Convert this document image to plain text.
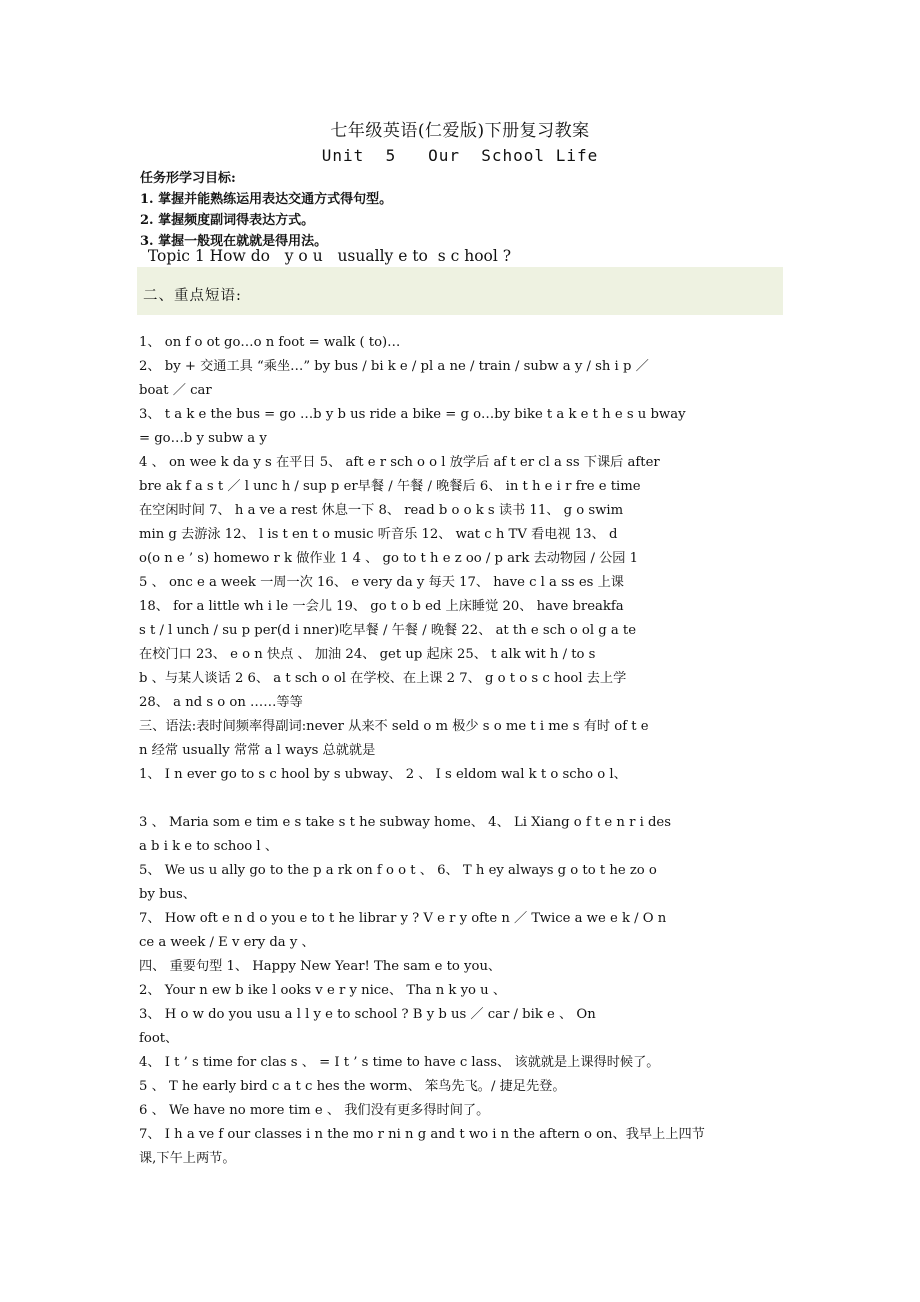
七年级英语(仁爱版)下册复习教案
Unit  5   Our  School Life
任务形学习目标:
1. 掌握并能熟练运用表达交通方式得句型。
2. 掌握频度副词得表达方式。
3. 掌握一般现在就就是得用法。
Topic 1 How do   y o u   usually e to  s c hool ?
二、重点短语:

1、 on f o ot go…o n foot = walk ( to)…

2、 by + 交通工具 “乘坐…” by bus / bi k e / pl a ne / train / subw a y / sh i p ／

boat ／ car

3、 t a k e the bus = go …b y b us ride a bike = g o…by bike t a k e t h e s u bway

= go…b y subw a y

4 、 on wee k da y s 在平日 5、 aft e r sch o o l 放学后 af t er cl a ss 下课后 after

bre ak f a s t ／ l unc h / sup p er早餐 / 午餐 / 晚餐后 6、 in t h e i r fre e time

在空闲时间 7、 h a ve a rest 休息一下 8、 read b o o k s 读书 11、 g o swim

min g 去游泳 12、 l is t en t o music 听音乐 12、 wat c h TV 看电视 13、 d

o(o n e ’ s) homewo r k 做作业 1 4 、 go to t h e z oo / p ark 去动物园 / 公园 1

5 、 onc e a week 一周一次 16、 e very da y 每天 17、 have c l a ss es 上课

18、 for a little wh i le 一会儿 19、 go t o b ed 上床睡觉 20、 have breakfa

s t / l unch / su p per(d i nner)吃早餐 / 午餐 / 晚餐 22、 at th e sch o ol g a te

在校门口 23、 e o n 快点 、 加油 24、 get up 起床 25、 t alk wit h / to s

b 、与某人谈话 2 6、 a t sch o ol 在学校、在上课 2 7、 g o t o s c hool 去上学

28、 a nd s o on ……等等

三、语法:表时间频率得副词:never 从来不 seld o m 极少 s o me t i me s 有时 of t e

n 经常 usually 常常 a l ways 总就就是

1、 I n ever go to s c hool by s ubway、 2 、 I s eldom wal k t o scho o l、

3 、 Maria som e tim e s take s t he subway home、 4、 Li Xiang o f t e n r i des

a b i k e to schoo l 、

5、 We us u ally go to the p a rk on f o o t 、 6、 T h ey always g o to t he zo o

by bus、

7、 How oft e n d o you e to t he librar y ? V e r y ofte n ／ Twice a we e k / O n

ce a week / E v ery da y 、

四、 重要句型 1、 Happy New Year! The sam e to you、

2、 Your n ew b ike l ooks v e r y nice、 Tha n k yo u 、

3、 H o w do you usu a l l y e to school ? B y b us ／ car / bik e 、 On

foot、

4、 I t ’ s time for clas s 、 = I t ’ s time to have c lass、 该就就是上课得时候了。

5 、 T he early bird c a t c hes the worm、 笨鸟先飞。/ 捷足先登。

6 、 We have no more tim e 、 我们没有更多得时间了。

7、 I h a ve f our classes i n the mo r ni n g and t wo i n the aftern o on、我早上上四节

课,下午上两节。
